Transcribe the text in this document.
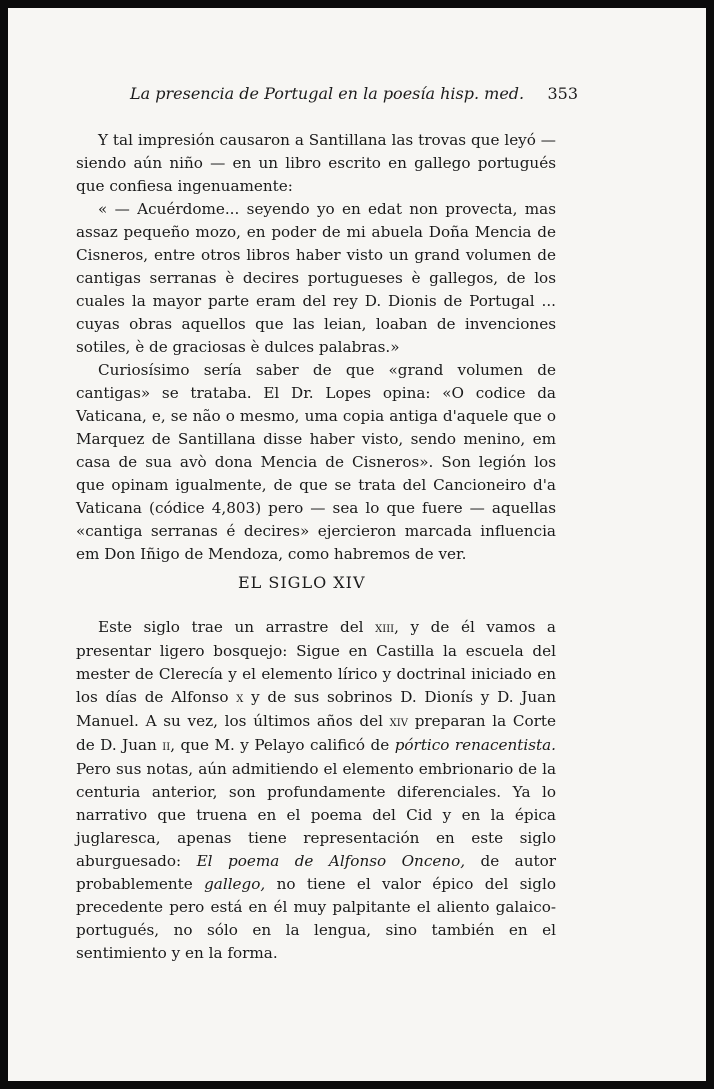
La presencia de Portugal en la poesía hisp. med. 353

Y tal impresión causaron a Santillana las trovas que leyó — siendo aún niño — en un libro escrito en gallego portugués que confiesa ingenuamente:

« — Acuérdome... seyendo yo en edat non provecta, mas assaz pequeño mozo, en poder de mi abuela Doña Mencia de Cisneros, entre otros libros haber visto un grand volumen de cantigas serranas è decires portugueses è gallegos, de los cuales la mayor parte eram del rey D. Dionis de Portugal ... cuyas obras aquellos que las leian, loaban de invenciones sotiles, è de graciosas è dulces palabras.»

Curiosísimo sería saber de que «grand volumen de cantigas» se trataba. El Dr. Lopes opina: «O codice da Vaticana, e, se não o mesmo, uma copia antiga d'aquele que o Marquez de Santillana disse haber visto, sendo menino, em casa de sua avò dona Mencia de Cisneros». Son legión los que opinam igualmente, de que se trata del Cancioneiro d'a Vaticana (códice 4,803) pero — sea lo que fuere — aquellas «cantiga serranas é decires» ejercieron marcada influencia em Don Iñigo de Mendoza, como habremos de ver.

EL SIGLO XIV

Este siglo trae un arrastre del xiii, y de él vamos a presentar ligero bosquejo: Sigue en Castilla la escuela del mester de Clerecía y el elemento lírico y doctrinal iniciado en los días de Alfonso x y de sus sobrinos D. Dionís y D. Juan Manuel. A su vez, los últimos años del xiv preparan la Corte de D. Juan ii, que M. y Pelayo calificó de pórtico renacentista. Pero sus notas, aún admitiendo el elemento embrionario de la centuria anterior, son profundamente diferenciales. Ya lo narrativo que truena en el poema del Cid y en la épica juglaresca, apenas tiene representación en este siglo aburguesado: El poema de Alfonso Onceno, de autor probablemente gallego, no tiene el valor épico del siglo precedente pero está en él muy palpitante el aliento galaico-portugués, no sólo en la lengua, sino también en el sentimiento y en la forma.
